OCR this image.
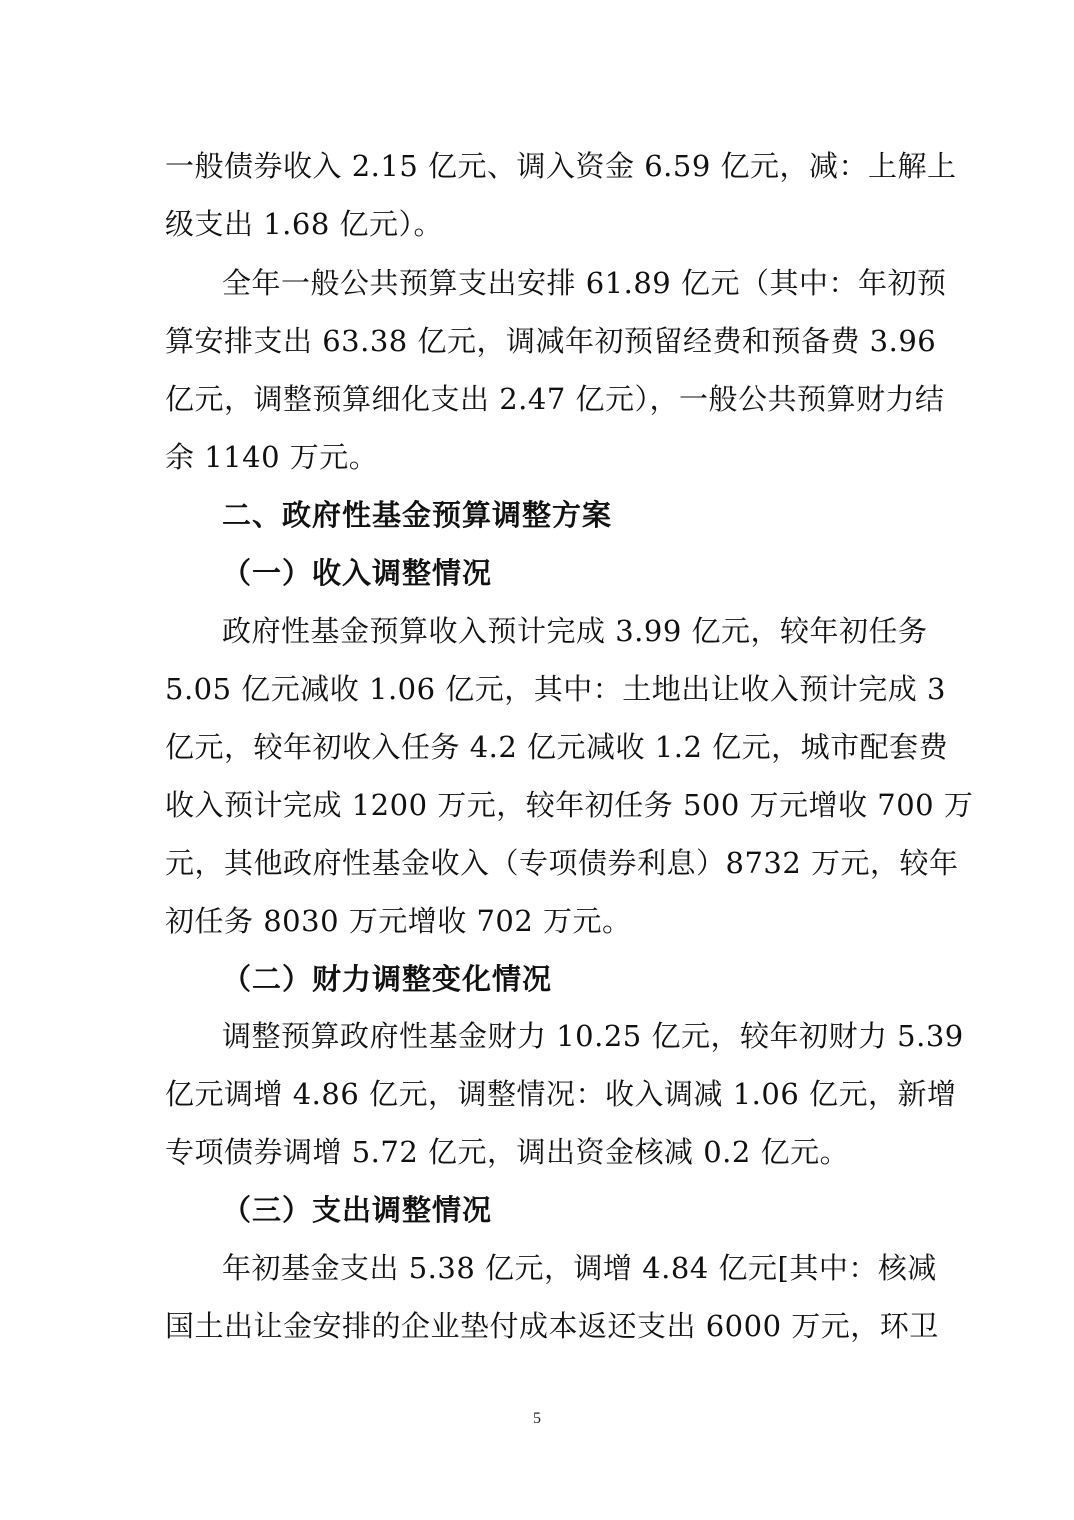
一般债券收入 2.15 亿元、调入资金 6.59 亿元，减：上解上
级支出 1.68 亿元）。
全年一般公共预算支出安排 61.89 亿元（其中：年初预
算安排支出 63.38 亿元，调减年初预留经费和预备费 3.96
亿元，调整预算细化支出 2.47 亿元），一般公共预算财力结
余 1140 万元。
二、政府性基金预算调整方案
（一）收入调整情况
政府性基金预算收入预计完成 3.99 亿元，较年初任务
5.05 亿元减收 1.06 亿元，其中：土地出让收入预计完成 3
亿元，较年初收入任务 4.2 亿元减收 1.2 亿元，城市配套费
收入预计完成 1200 万元，较年初任务 500 万元增收 700 万
元，其他政府性基金收入（专项债券利息）8732 万元，较年
初任务 8030 万元增收 702 万元。
（二）财力调整变化情况
调整预算政府性基金财力 10.25 亿元，较年初财力 5.39
亿元调增 4.86 亿元，调整情况：收入调减 1.06 亿元，新增
专项债券调增 5.72 亿元，调出资金核减 0.2 亿元。
（三）支出调整情况
年初基金支出 5.38 亿元，调增 4.84 亿元[其中：核减
国土出让金安排的企业垫付成本返还支出 6000 万元，环卫
5
